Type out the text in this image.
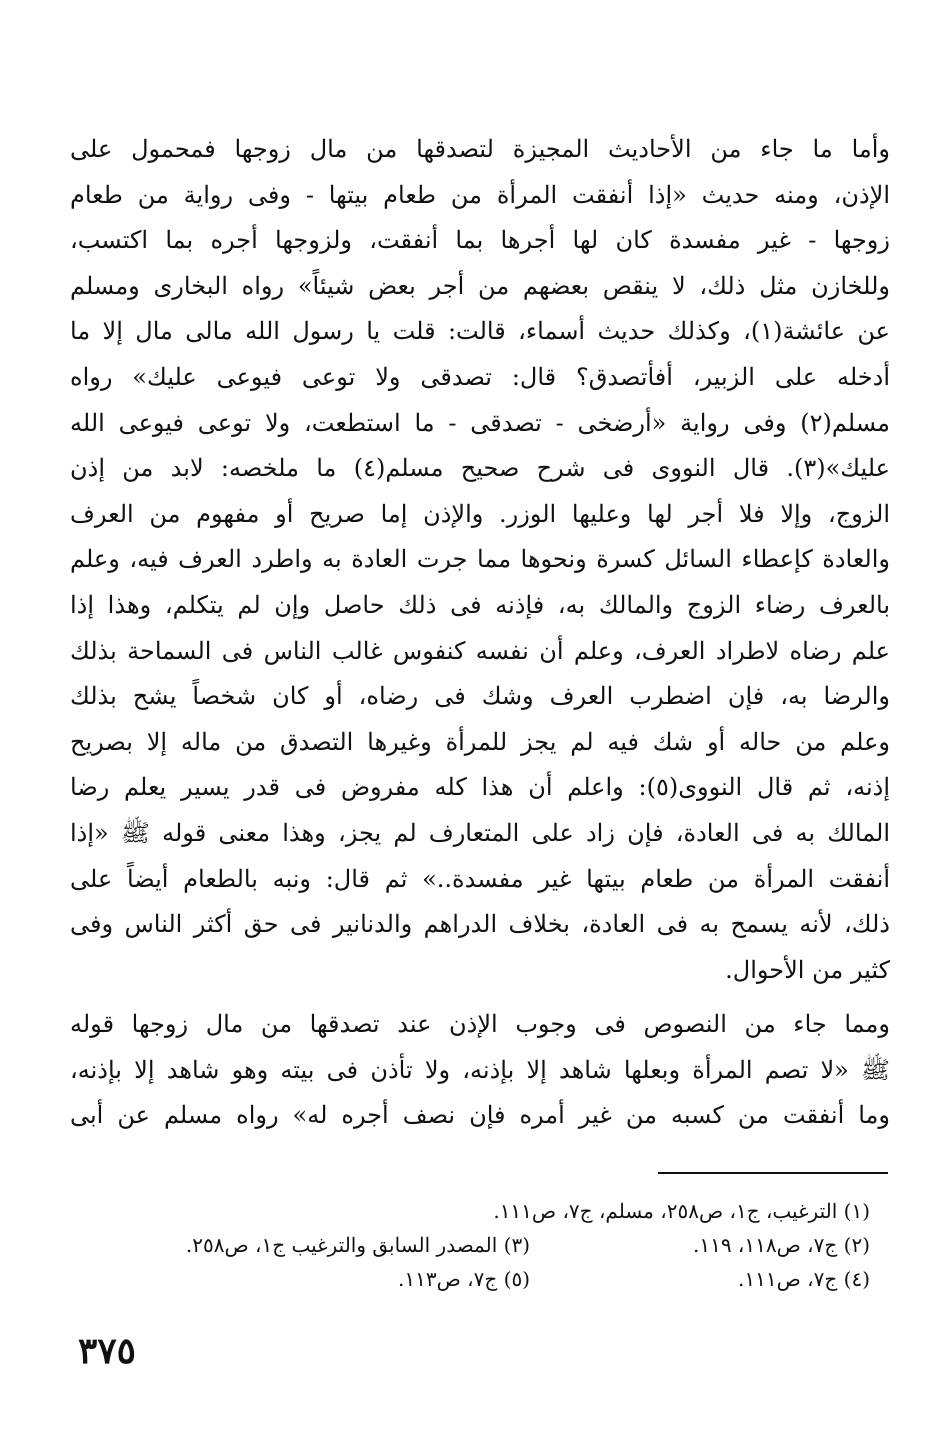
وأما ما جاء من الأحاديث المجيزة لتصدقها من مال زوجها فمحمول على
الإذن، ومنه حديث «إذا أنفقت المرأة من طعام بيتها - وفى رواية من طعام
زوجها - غير مفسدة كان لها أجرها بما أنفقت، ولزوجها أجره بما اكتسب،
وللخازن مثل ذلك، لا ينقص بعضهم من أجر بعض شيئاً» رواه البخارى ومسلم
عن عائشة(١)، وكذلك حديث أسماء، قالت: قلت يا رسول الله مالى مال إلا ما
أدخله على الزبير، أفأتصدق؟ قال: تصدقى ولا توعى فيوعى عليك» رواه
مسلم(٢) وفى رواية «أرضخى - تصدقى - ما استطعت، ولا توعى فيوعى الله
عليك»(٣). قال النووى فى شرح صحيح مسلم(٤) ما ملخصه: لابد من إذن
الزوج، وإلا فلا أجر لها وعليها الوزر. والإذن إما صريح أو مفهوم من العرف
والعادة كإعطاء السائل كسرة ونحوها مما جرت العادة به واطرد العرف فيه، وعلم
بالعرف رضاء الزوج والمالك به، فإذنه فى ذلك حاصل وإن لم يتكلم، وهذا إذا
علم رضاه لاطراد العرف، وعلم أن نفسه كنفوس غالب الناس فى السماحة بذلك
والرضا به، فإن اضطرب العرف وشك فى رضاه، أو كان شخصاً يشح بذلك
وعلم من حاله أو شك فيه لم يجز للمرأة وغيرها التصدق من ماله إلا بصريح
إذنه، ثم قال النووى(٥): واعلم أن هذا كله مفروض فى قدر يسير يعلم رضا
المالك به فى العادة، فإن زاد على المتعارف لم يجز، وهذا معنى قوله ﷺ «إذا
أنفقت المرأة من طعام بيتها غير مفسدة..» ثم قال: ونبه بالطعام أيضاً على
ذلك، لأنه يسمح به فى العادة، بخلاف الدراهم والدنانير فى حق أكثر الناس وفى
كثير من الأحوال.
ومما جاء من النصوص فى وجوب الإذن عند تصدقها من مال زوجها قوله
ﷺ «لا تصم المرأة وبعلها شاهد إلا بإذنه، ولا تأذن فى بيته وهو شاهد إلا بإذنه،
وما أنفقت من كسبه من غير أمره فإن نصف أجره له» رواه مسلم عن أبى
(١) الترغيب، ج١، ص٢٥٨، مسلم، ج٧، ص١١١.
(٢) ج٧، ص١١٨، ١١٩.
(٣) المصدر السابق والترغيب ج١، ص٢٥٨.
(٤) ج٧، ص١١١.
(٥) ج٧، ص١١٣.
٣٧٥
